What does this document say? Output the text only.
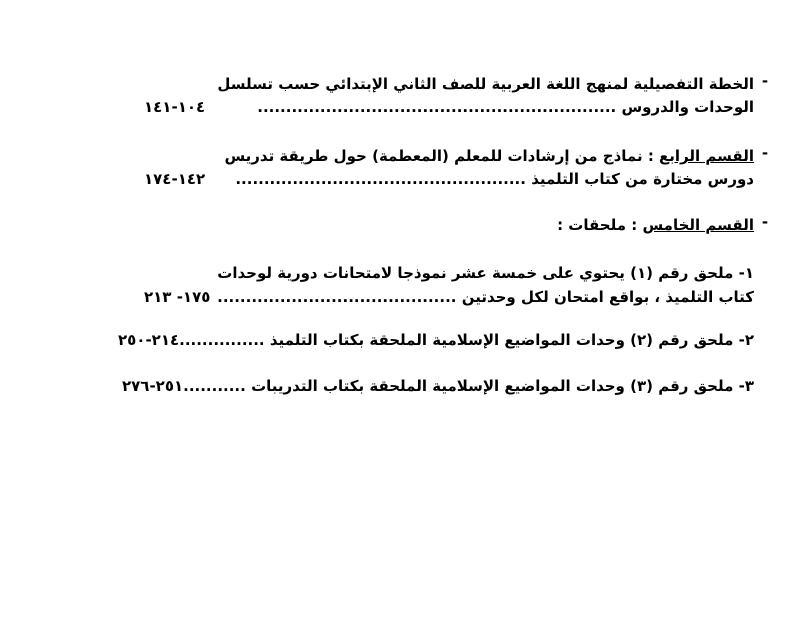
-
الخطة التفصيلية لمنهج اللغة العربية للصف الثاني الإبتدائي حسب تسلسل
الوحدات والدروس ...............................................................
١٠٤-١٤١
-
القسم الرابع : نماذج من إرشادات للمعلم (المعطمة) حول طريقة تدريس
دورس مختارة من كتاب التلميذ ...................................................
١٤٢-١٧٤
-
القسم الخامس : ملحقات :
١- ملحق رقم (١) يحتوي على خمسة عشر نموذجا لامتحانات دورية لوحدات
كتاب التلميذ ، بواقع امتحان لكل وحدتين ..........................................
١٧٥- ٢١٣
٢- ملحق رقم (٢) وحدات المواضيع الإسلامية الملحقة بكتاب التلميذ ...............
٢١٤-٢٥٠
٣- ملحق رقم (٣) وحدات المواضيع الإسلامية الملحقة بكتاب التدريبات ...........
٢٥١-٢٧٦
